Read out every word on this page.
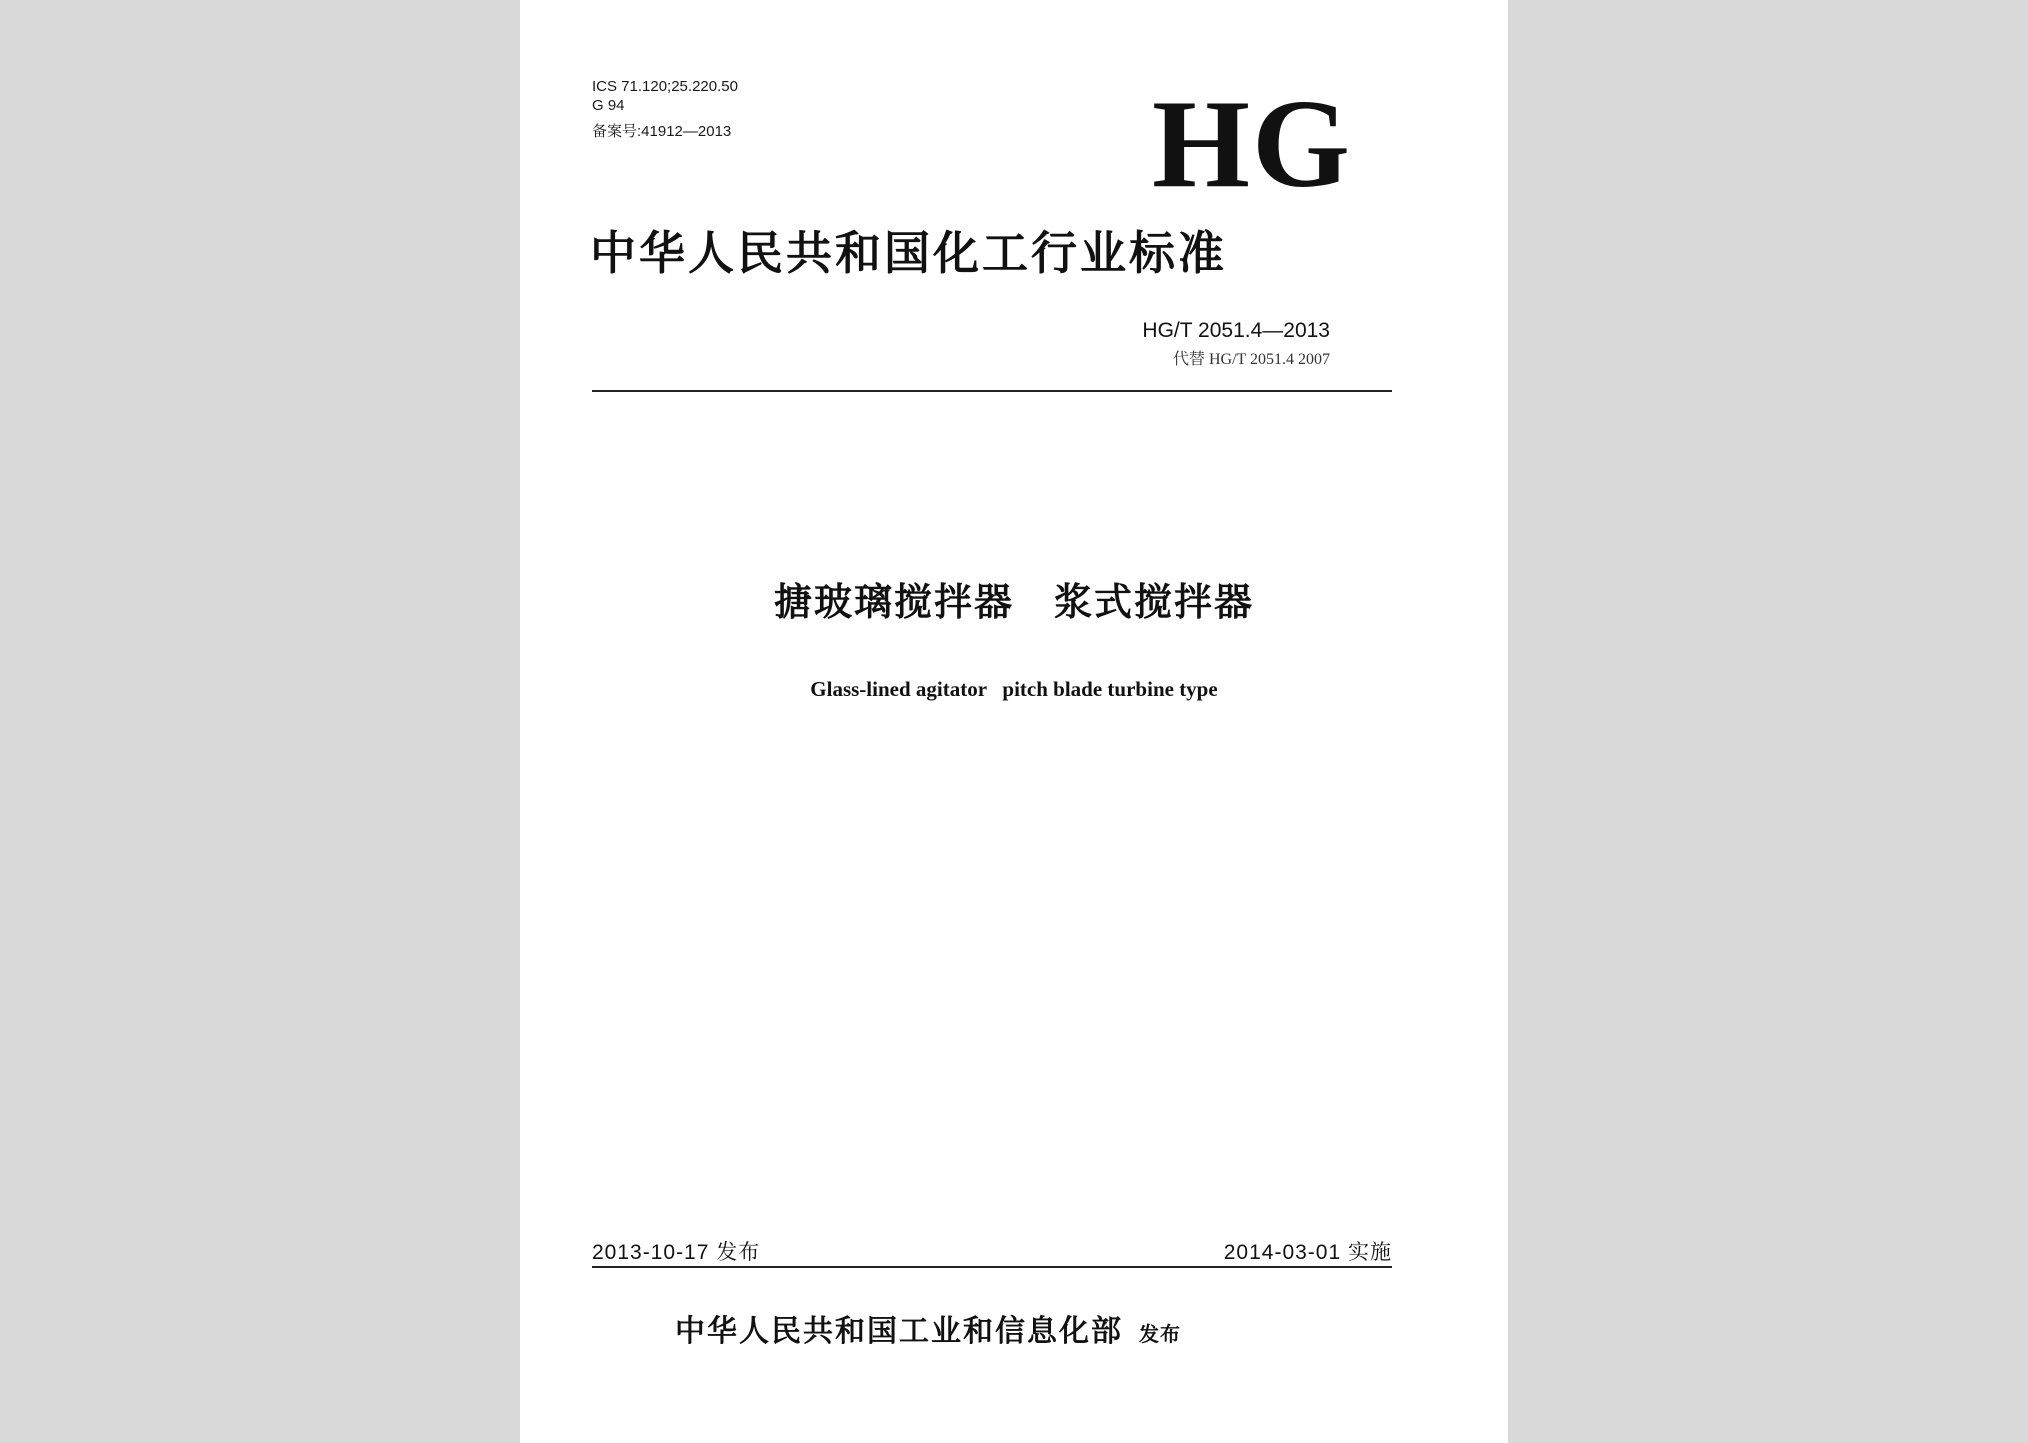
ICS 71.120;25.220.50
G 94
备案号:41912—2013	HG
中华人民共和国化工行业标准
HG/T 2051.4—2013
代替 HG/T 2051.4 2007
搪玻璃搅拌器　浆式搅拌器
Glass-lined agitator   pitch blade turbine type
2013-10-17 发布	2014-03-01 实施
中华人民共和国工业和信息化部 发布
